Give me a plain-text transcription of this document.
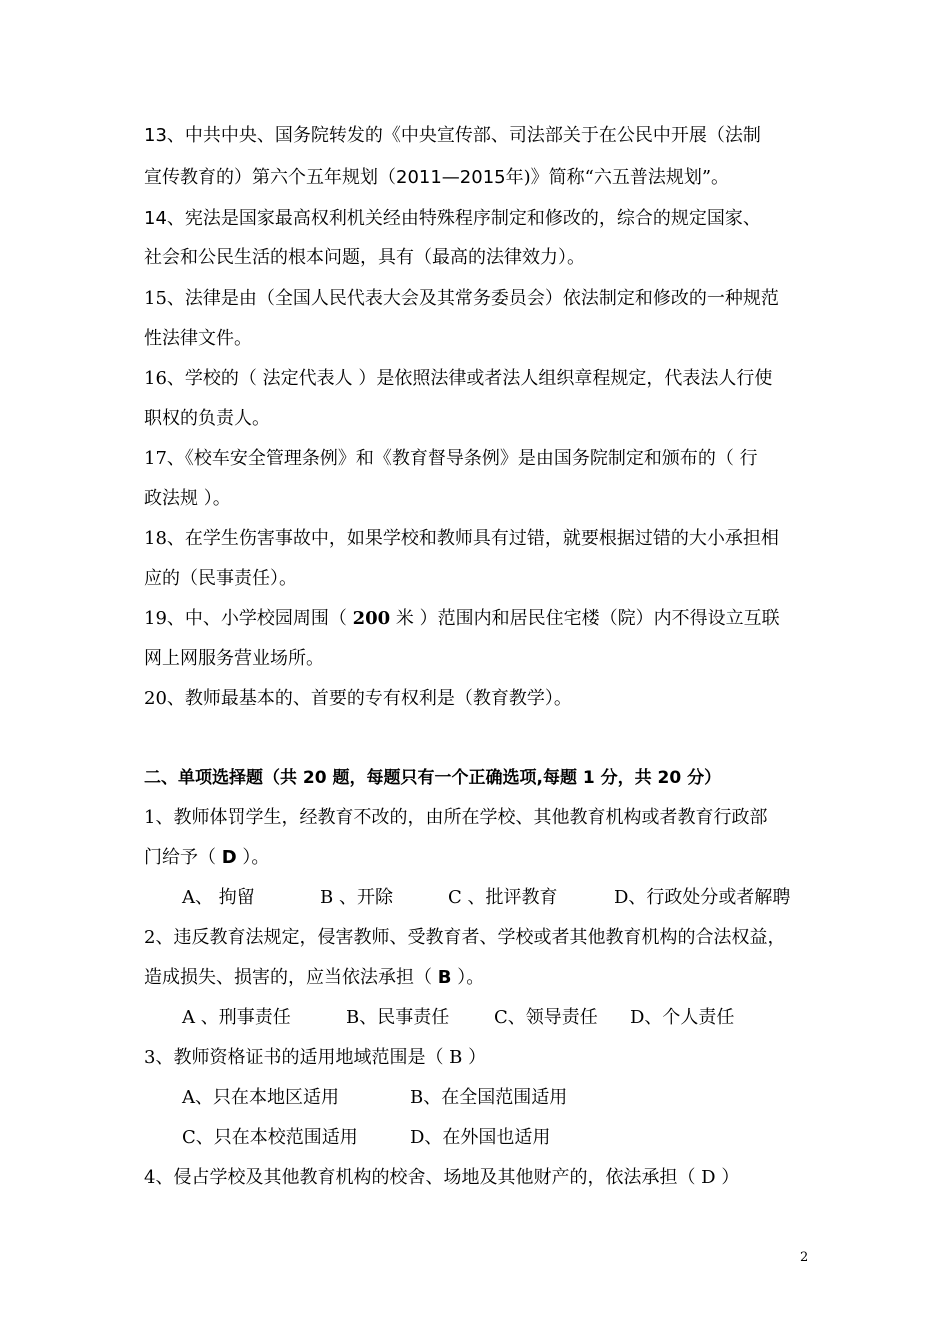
13、中共中央、国务院转发的《中央宣传部、司法部关于在公民中开展（法制
宣传教育的）第六个五年规划（2011—2015年)》简称“六五普法规划”。
14、宪法是国家最高权利机关经由特殊程序制定和修改的，综合的规定国家、
社会和公民生活的根本问题，具有（最高的法律效力）。
15、法律是由（全国人民代表大会及其常务委员会）依法制定和修改的一种规范
性法律文件。
16、学校的（ 法定代表人 ）是依照法律或者法人组织章程规定，代表法人行使
职权的负责人。
17、《校车安全管理条例》和《教育督导条例》是由国务院制定和颁布的（ 行
政法规 ）。
18、在学生伤害事故中，如果学校和教师具有过错，就要根据过错的大小承担相
应的（民事责任）。
19、中、小学校园周围（ 200 米 ）范围内和居民住宅楼（院）内不得设立互联
网上网服务营业场所。
20、教师最基本的、首要的专有权利是（教育教学）。
二、单项选择题（共 20 题，每题只有一个正确选项,每题 1 分，共 20 分）
1、教师体罚学生，经教育不改的，由所在学校、其他教育机构或者教育行政部
门给予（ D ）。
A、 拘留	B 、开除	C 、批评教育	D、行政处分或者解聘
2、违反教育法规定，侵害教师、受教育者、学校或者其他教育机构的合法权益，
造成损失、损害的，应当依法承担（ B ）。
A 、刑事责任	B、民事责任 C、领导责任 D、个人责任
3、教师资格证书的适用地域范围是（ B ）
A、只在本地区适用	B、在全国范围适用
C、只在本校范围适用	D、在外国也适用
4、侵占学校及其他教育机构的校舍、场地及其他财产的，依法承担（ D ）
2
